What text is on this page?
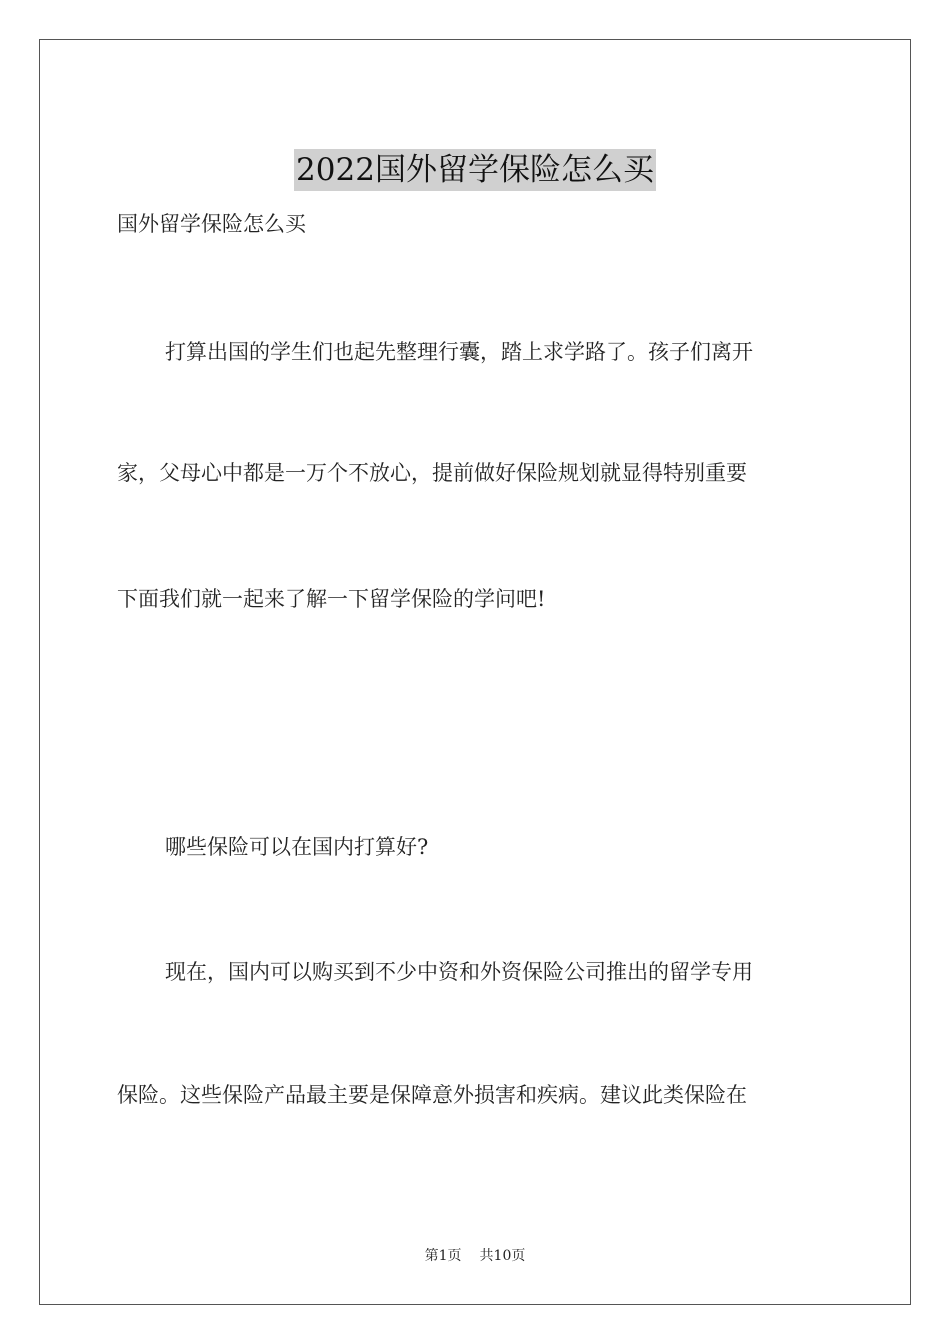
2022国外留学保险怎么买

国外留学保险怎么买

打算出国的学生们也起先整理行囊，踏上求学路了。孩子们离开

家，父母心中都是一万个不放心，提前做好保险规划就显得特别重要

下面我们就一起来了解一下留学保险的学问吧!

哪些保险可以在国内打算好?

现在，国内可以购买到不少中资和外资保险公司推出的留学专用

保险。这些保险产品最主要是保障意外损害和疾病。建议此类保险在

第1页 共10页
